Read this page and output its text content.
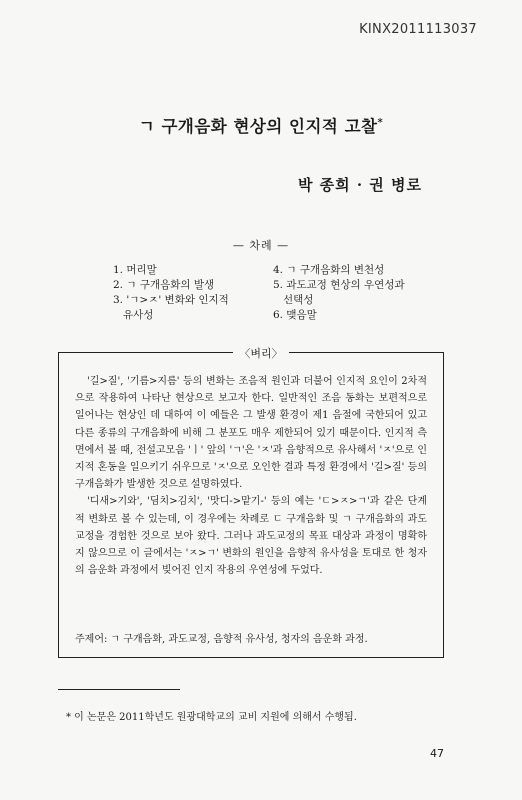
KINX2011113037
ㄱ 구개음화 현상의 인지적 고찰*
박 종희 · 권 병로
— 차례 —
1. 머리말
2. ㄱ 구개음화의 발생
3. 'ㄱ>ㅈ' 변화와 인지적
유사성
4. ㄱ 구개음화의 변천성
5. 과도교정 현상의 우연성과
선택성
6. 맺음말
〈벼리〉

'길>질', '기름>지름' 등의 변화는 조음적 원인과 더불어 인지적 요인이 2차적으로 작용하여 나타난 현상으로 보고자 한다. 일반적인 조음 동화는 보편적으로 일어나는 현상인 데 대하여 이 예들은 그 발생 환경이 제1 음절에 국한되어 있고 다른 종류의 구개음화에 비해 그 분포도 매우 제한되어 있기 때문이다. 인지적 측면에서 볼 때, 전설고모음 'ㅣ' 앞의 'ㄱ'은 'ㅈ'과 음향적으로 유사해서 'ㅈ'으로 인지적 혼동을 일으키기 쉬우므로 'ㅈ'으로 오인한 결과 특정 환경에서 '길>질' 등의 구개음화가 발생한 것으로 설명하였다.

'디새>기와', '딤치>김치', '맛디->맡기-' 등의 예는 'ㄷ>ㅈ>ㄱ'과 같은 단계적 변화로 볼 수 있는데, 이 경우에는 차례로 ㄷ 구개음화 및 ㄱ 구개음화의 과도교정을 경험한 것으로 보아 왔다. 그러나 과도교정의 목표 대상과 과정이 명확하지 않으므로 이 글에서는 'ㅈ>ㄱ' 변화의 원인을 음향적 유사성을 토대로 한 청자의 음운화 과정에서 빚어진 인지 작용의 우연성에 두었다.

주제어: ㄱ 구개음화, 과도교정, 음향적 유사성, 청자의 음운화 과정.
* 이 논문은 2011학년도 원광대학교의 교비 지원에 의해서 수행됨.
47
